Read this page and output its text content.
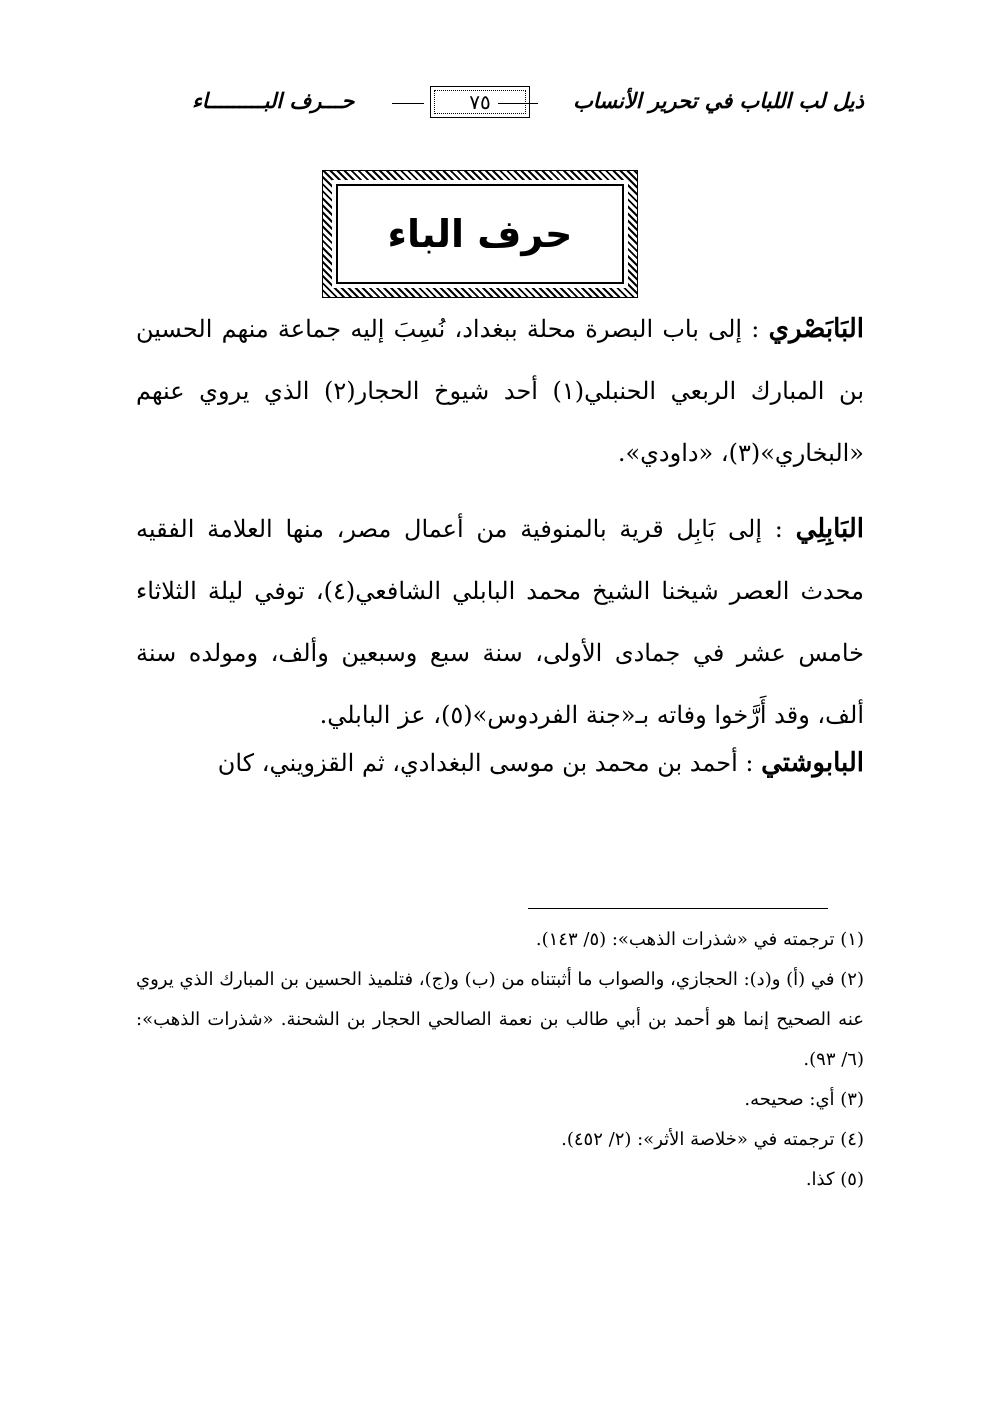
ذيل لب اللباب في تحرير الأنساب
٧٥
حـــرف البـــــــــاء
حرف الباء

البَابَصْري : إلى باب البصرة محلة ببغداد، نُسِبَ إليه جماعة منهم الحسين بن المبارك الربعي الحنبلي(١) أحد شيوخ الحجار(٢) الذي يروي عنهم «البخاري»(٣)، «داودي».

البَابِلِي : إلى بَابِل قرية بالمنوفية من أعمال مصر، منها العلامة الفقيه محدث العصر شيخنا الشيخ محمد البابلي الشافعي(٤)، توفي ليلة الثلاثاء خامس عشر في جمادى الأولى، سنة سبع وسبعين وألف، ومولده سنة ألف، وقد أَرَّخوا وفاته بـ«جنة الفردوس»(٥)، عز البابلي.

البابوشتي : أحمد بن محمد بن موسى البغدادي، ثم القزويني، كان

(١) ترجمته في «شذرات الذهب»: (٥/ ١٤٣).

(٢) في (أ) و(د): الحجازي، والصواب ما أثبتناه من (ب) و(ج)، فتلميذ الحسين بن المبارك الذي يروي عنه الصحيح إنما هو أحمد بن أبي طالب بن نعمة الصالحي الحجار بن الشحنة. «شذرات الذهب»: (٦/ ٩٣).

(٣) أي: صحيحه.

(٤) ترجمته في «خلاصة الأثر»: (٢/ ٤٥٢).

(٥) كذا.
